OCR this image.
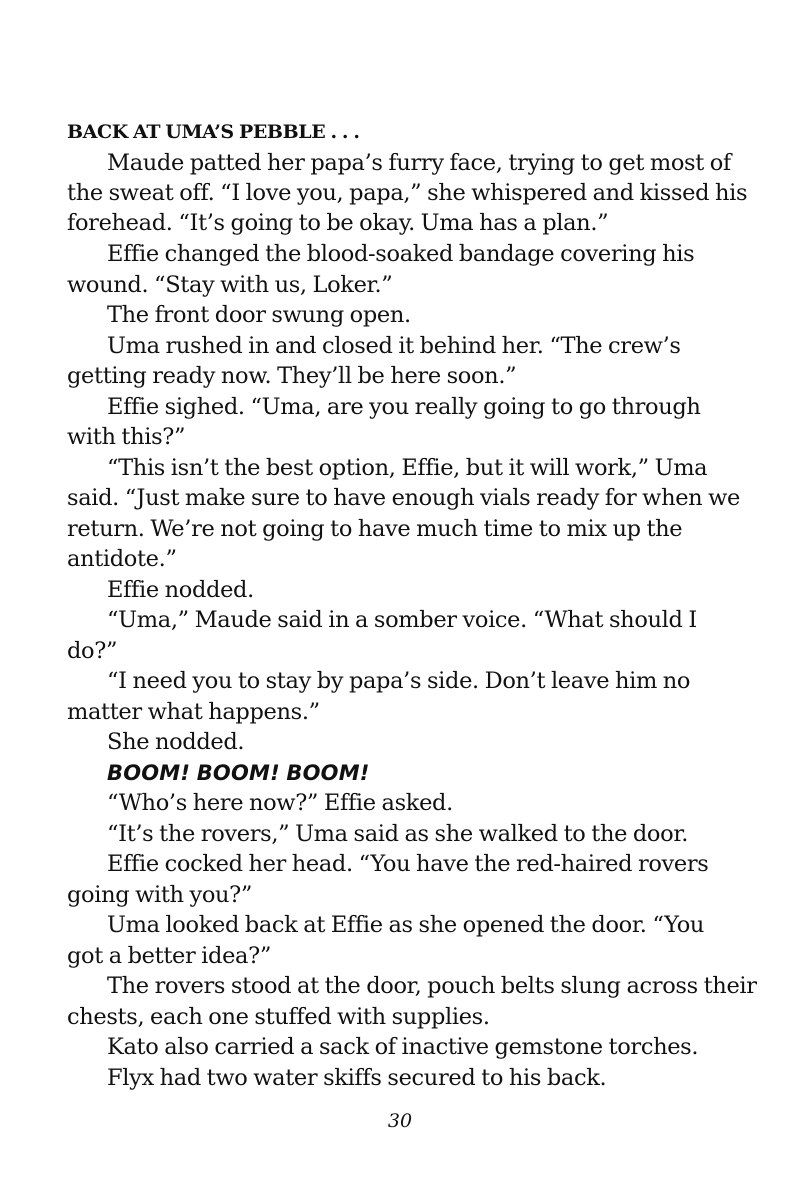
BACK AT UMA’S PEBBLE . . .
Maude patted her papa’s furry face, trying to get most of
the sweat off. “I love you, papa,” she whispered and kissed his
forehead. “It’s going to be okay. Uma has a plan.”
Effie changed the blood-soaked bandage covering his
wound. “Stay with us, Loker.”
The front door swung open.
Uma rushed in and closed it behind her. “The crew’s
getting ready now. They’ll be here soon.”
Effie sighed. “Uma, are you really going to go through
with this?”
“This isn’t the best option, Effie, but it will work,” Uma
said. “Just make sure to have enough vials ready for when we
return. We’re not going to have much time to mix up the
antidote.”
Effie nodded.
“Uma,” Maude said in a somber voice. “What should I
do?”
“I need you to stay by papa’s side. Don’t leave him no
matter what happens.”
She nodded.
BOOM! BOOM! BOOM!
“Who’s here now?” Effie asked.
“It’s the rovers,” Uma said as she walked to the door.
Effie cocked her head. “You have the red-haired rovers
going with you?”
Uma looked back at Effie as she opened the door. “You
got a better idea?”
The rovers stood at the door, pouch belts slung across their
chests, each one stuffed with supplies.
Kato also carried a sack of inactive gemstone torches.
Flyx had two water skiffs secured to his back.
30
